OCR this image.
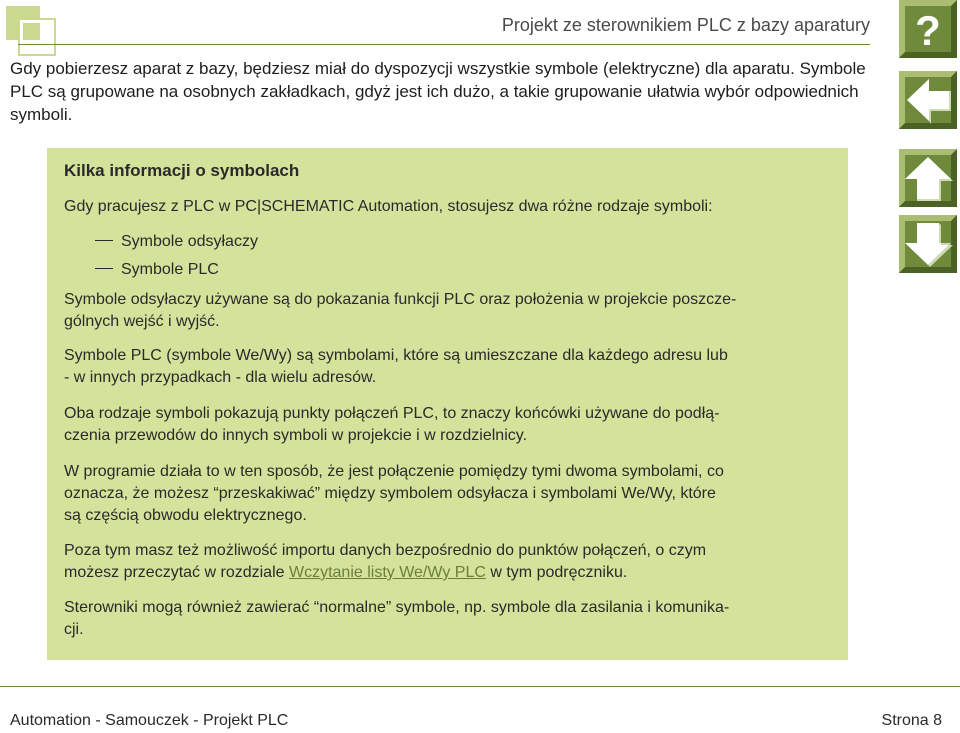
Projekt ze sterownikiem PLC z bazy aparatury
Gdy pobierzesz aparat z bazy, będziesz miał do dyspozycji wszystkie symbole (elektryczne) dla aparatu. Symbole PLC są grupowane na osobnych zakładkach, gdyż jest ich dużo, a takie grupowanie ułatwia wybór odpowiednich symboli.
?
Kilka informacji o symbolach

Gdy pracujesz z PLC w PC|SCHEMATIC Automation, stosujesz dwa różne rodzaje symboli:

Symbole odsyłaczy
Symbole PLC
Symbole odsyłaczy używane są do pokazania funkcji PLC oraz położenia w projekcie poszcze-
gólnych wejść i wyjść.
Symbole PLC (symbole We/Wy) są symbolami, które są umieszczane dla każdego adresu lub
- w innych przypadkach - dla wielu adresów.
Oba rodzaje symboli pokazują punkty połączeń PLC, to znaczy końcówki używane do podłą-
czenia przewodów do innych symboli w projekcie i w rozdzielnicy.
W programie działa to w ten sposób, że jest połączenie pomiędzy tymi dwoma symbolami, co
oznacza, że możesz “przeskakiwać” między symbolem odsyłacza i symbolami We/Wy, które
są częścią obwodu elektrycznego.
Poza tym masz też możliwość importu danych bezpośrednio do punktów połączeń, o czym
możesz przeczytać w rozdziale Wczytanie listy We/Wy PLC w tym podręczniku.
Sterowniki mogą również zawierać “normalne” symbole, np. symbole dla zasilania i komunika-
cji.
Automation - Samouczek - Projekt PLC	Strona 8
